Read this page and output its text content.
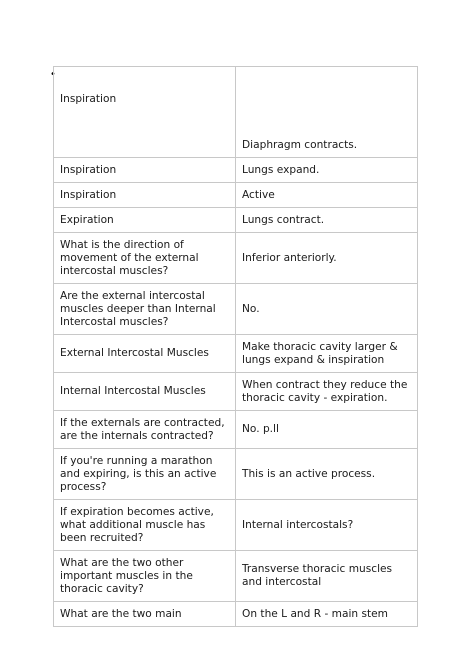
•
Inspiration	Diaphragm contracts.
Inspiration	Lungs expand.
Inspiration	Active
Expiration	Lungs contract.
What is the direction of movement of the external intercostal muscles?	Inferior anteriorly.
Are the external intercostal muscles deeper than Internal Intercostal muscles?	No.
External Intercostal Muscles	Make thoracic cavity larger & lungs expand & inspiration
Internal Intercostal Muscles	When contract they reduce the thoracic cavity - expiration.
If the externals are contracted, are the internals contracted?	No. p.ll
If you're running a marathon and expiring, is this an active process?	This is an active process.
If expiration becomes active, what additional muscle has been recruited?	Internal intercostals?
What are the two other important muscles in the thoracic cavity?	Transverse thoracic muscles and intercostal
What are the two main	On the L and R - main stem
